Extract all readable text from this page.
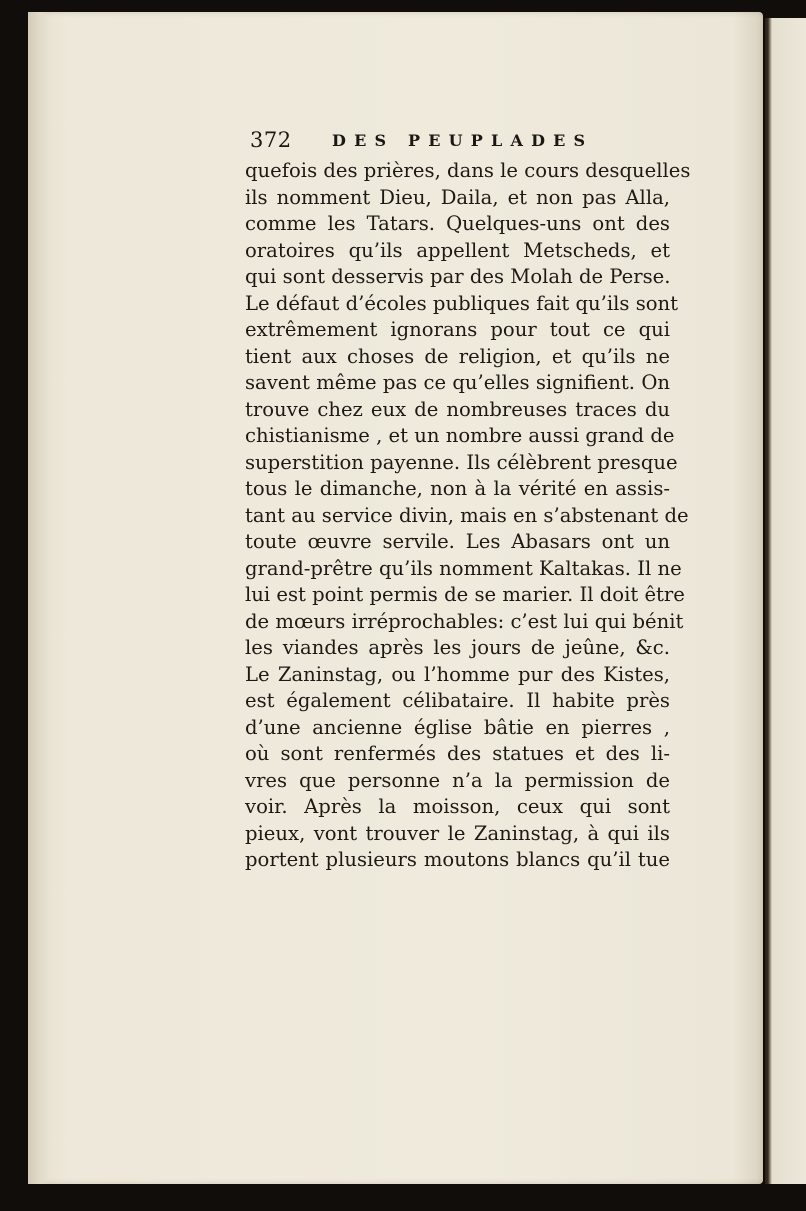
372	DES PEUPLADES
quefois des prières, dans le cours desquelles
ils nomment Dieu, Daila, et non pas Alla,
comme les Tatars. Quelques-uns ont des
oratoires qu’ils appellent Metscheds, et
qui sont desservis par des Molah de Perse.
Le défaut d’écoles publiques fait qu’ils sont
extrêmement ignorans pour tout ce qui
tient aux choses de religion, et qu’ils ne
savent même pas ce qu’elles signifient. On
trouve chez eux de nombreuses traces du
chistianisme , et un nombre aussi grand de
superstition payenne. Ils célèbrent presque
tous le dimanche, non à la vérité en assis-
tant au service divin, mais en s’abstenant de
toute œuvre servile. Les Abasars ont un
grand-prêtre qu’ils nomment Kaltakas. Il ne
lui est point permis de se marier. Il doit être
de mœurs irréprochables: c’est lui qui bénit
les viandes après les jours de jeûne, &c.
Le Zaninstag, ou l’homme pur des Kistes,
est également célibataire. Il habite près
d’une ancienne église bâtie en pierres ,
où sont renfermés des statues et des li-
vres que personne n’a la permission de
voir. Après la moisson, ceux qui sont
pieux, vont trouver le Zaninstag, à qui ils
portent plusieurs moutons blancs qu’il tue
